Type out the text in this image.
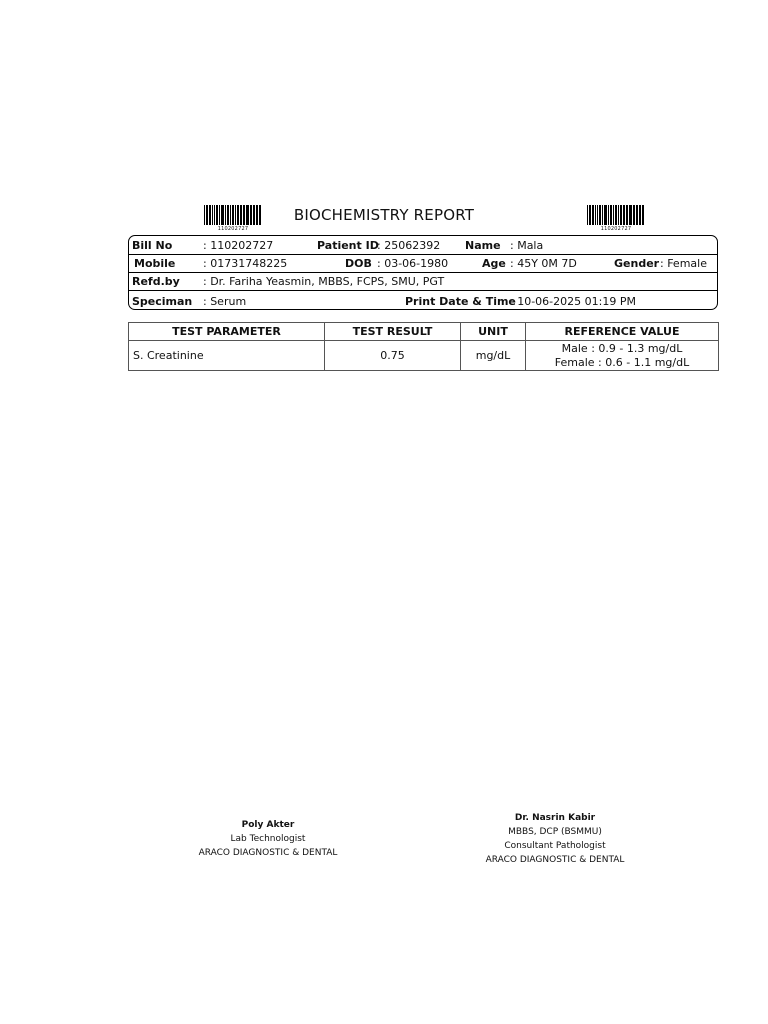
110202727	110202727
BIOCHEMISTRY REPORT
Bill No	: 110202727	Patient ID
: 25062392 Name : Mala
Mobile	: 01731748225	DOB : 03-06-1980	Age : 45Y 0M 7D	Gender : Female
Refd.by : Dr. Fariha Yeasmin, MBBS, FCPS, SMU, PGT
Speciman : Serum	Print Date & Time
: 10-06-2025 01:19 PM
TEST PARAMETER	TEST RESULT	UNIT	REFERENCE VALUE
S. Creatinine	0.75	mg/dL	Male : 0.9 - 1.3 mg/dL
Female : 0.6 - 1.1 mg/dL
Poly Akter
Lab Technologist
ARACO DIAGNOSTIC & DENTAL
Dr. Nasrin Kabir
MBBS, DCP (BSMMU)
Consultant Pathologist
ARACO DIAGNOSTIC & DENTAL
